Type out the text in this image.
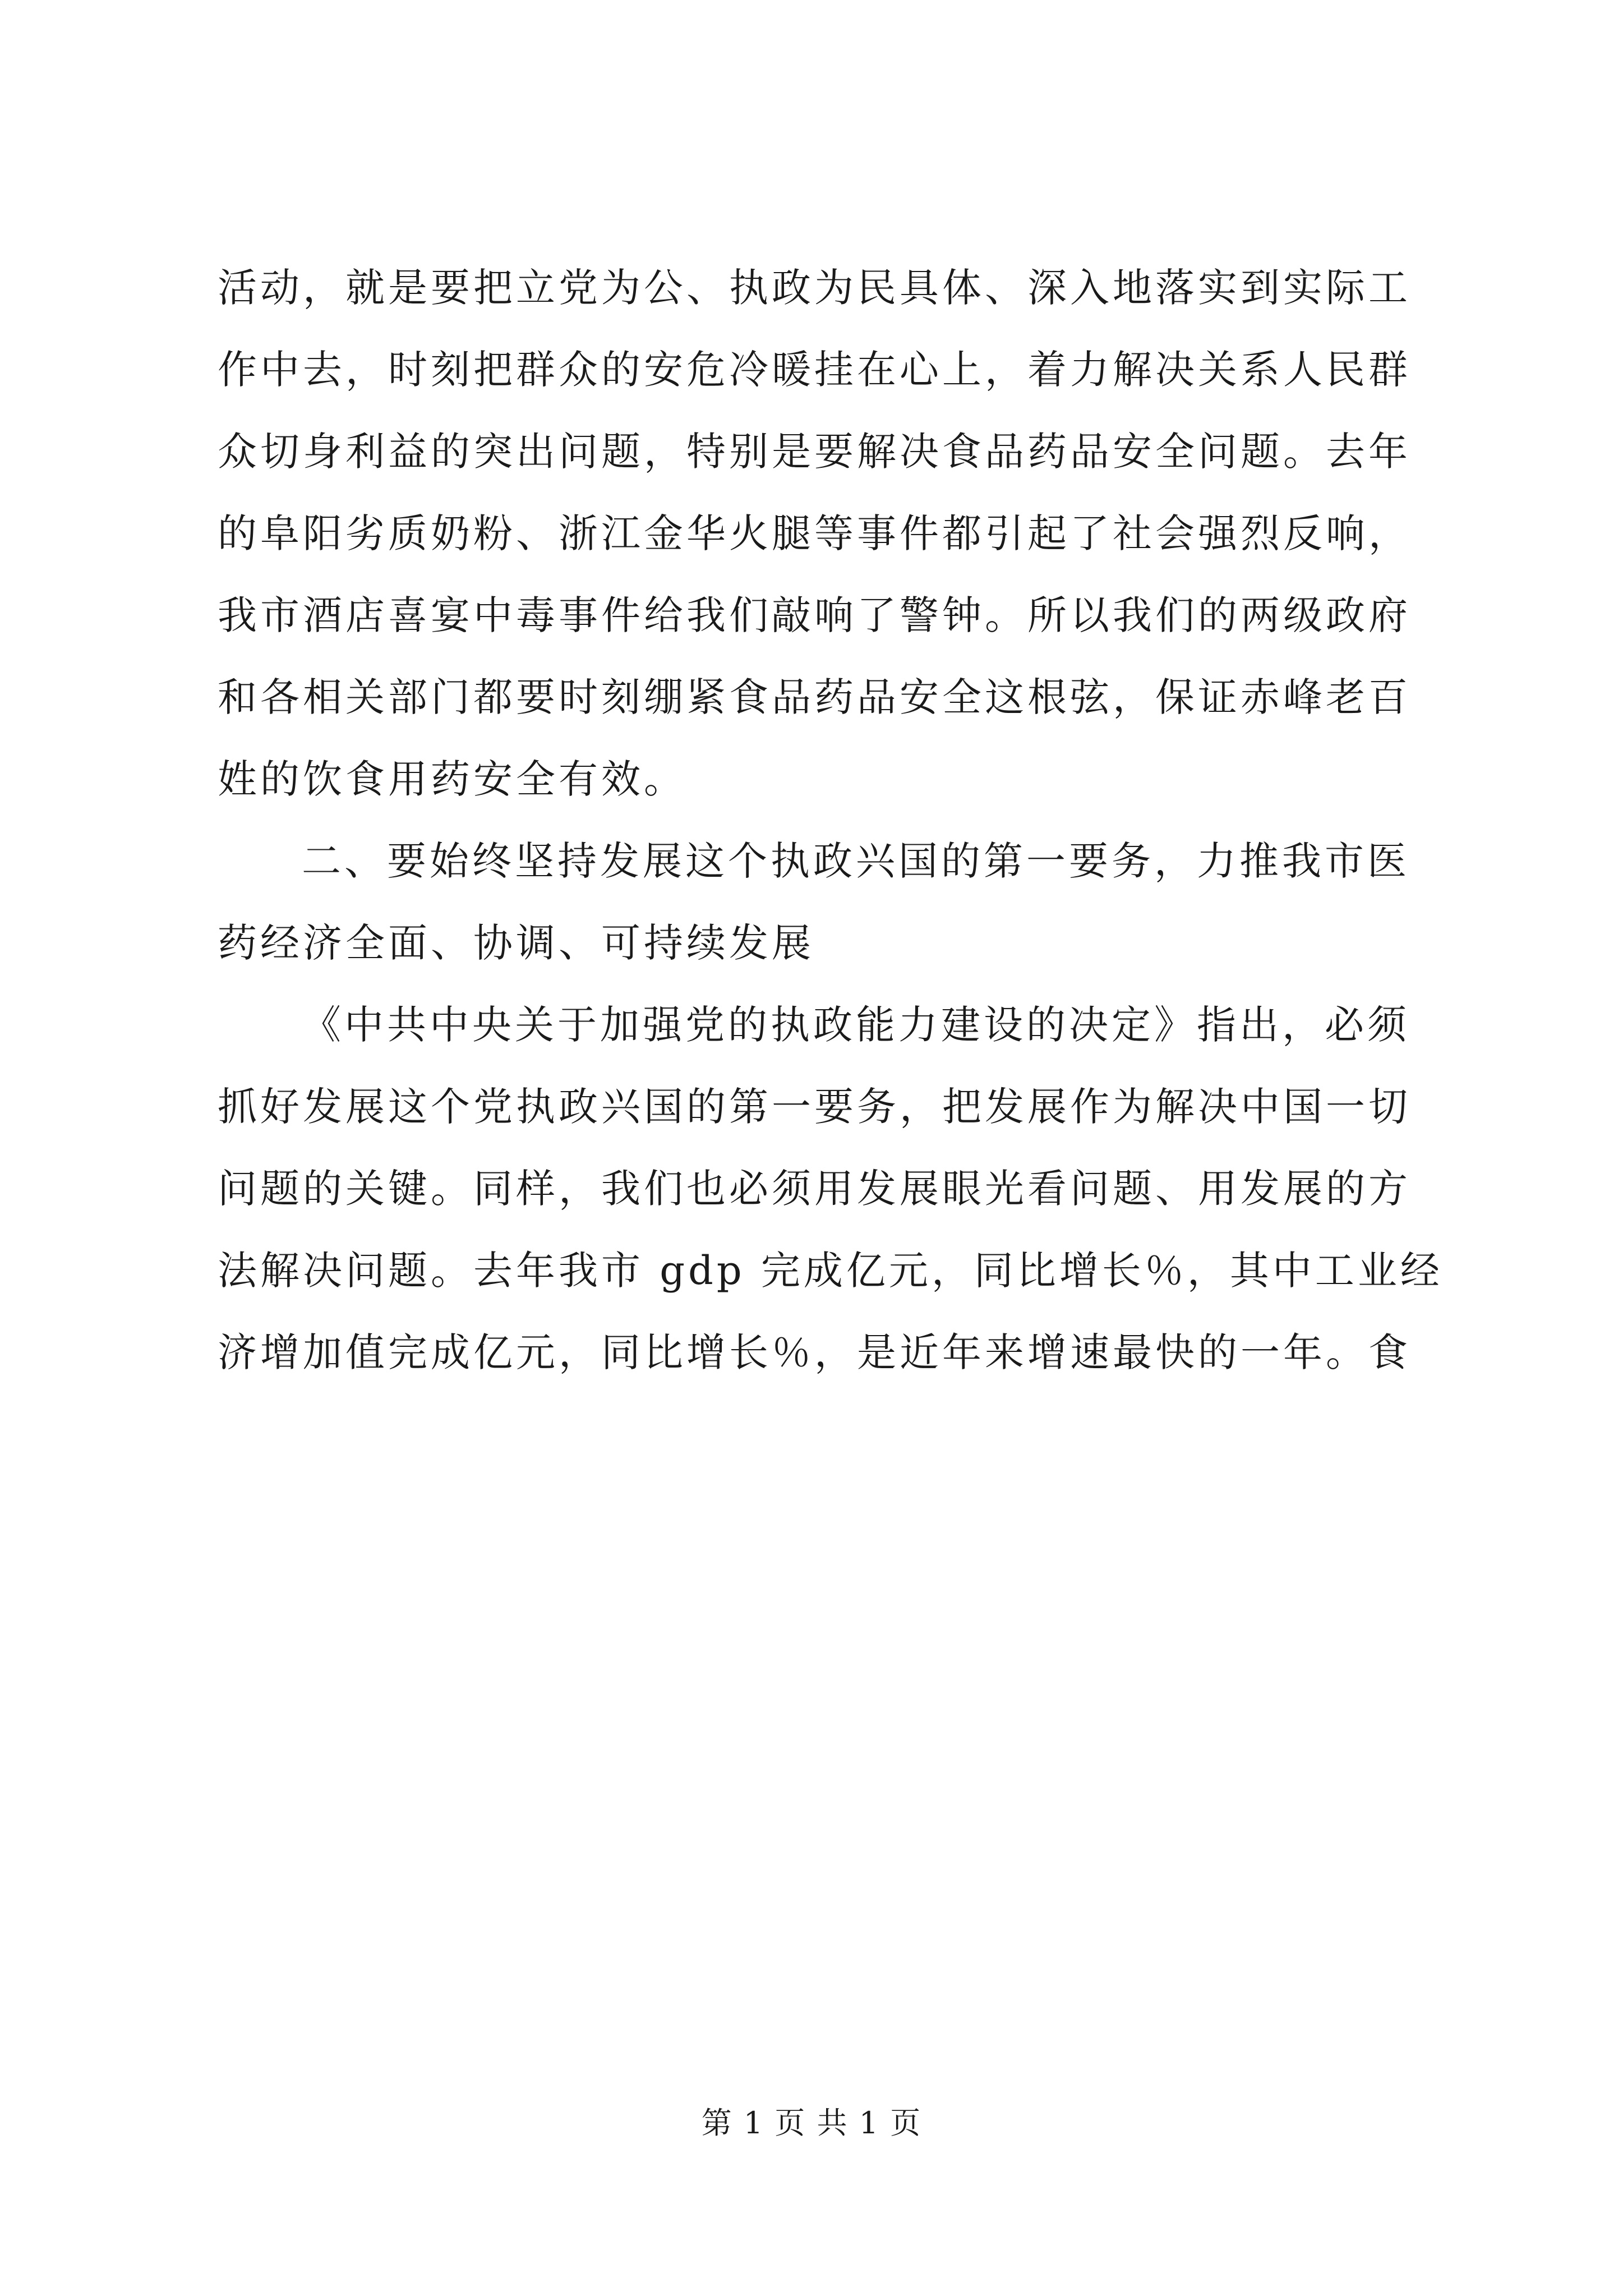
活动，就是要把立党为公、执政为民具体、深入地落实到实际工
作中去，时刻把群众的安危冷暖挂在心上，着力解决关系人民群
众切身利益的突出问题，特别是要解决食品药品安全问题。去年
的阜阳劣质奶粉、浙江金华火腿等事件都引起了社会强烈反响，
我市酒店喜宴中毒事件给我们敲响了警钟。所以我们的两级政府
和各相关部门都要时刻绷紧食品药品安全这根弦，保证赤峰老百
姓的饮食用药安全有效。
二、要始终坚持发展这个执政兴国的第一要务，力推我市医
药经济全面、协调、可持续发展
《中共中央关于加强党的执政能力建设的决定》指出，必须
抓好发展这个党执政兴国的第一要务，把发展作为解决中国一切
问题的关键。同样，我们也必须用发展眼光看问题、用发展的方
法解决问题。去年我市 gdp 完成亿元，同比增长％，其中工业经
济增加值完成亿元，同比增长％，是近年来增速最快的一年。食
第 1 页 共 1 页
